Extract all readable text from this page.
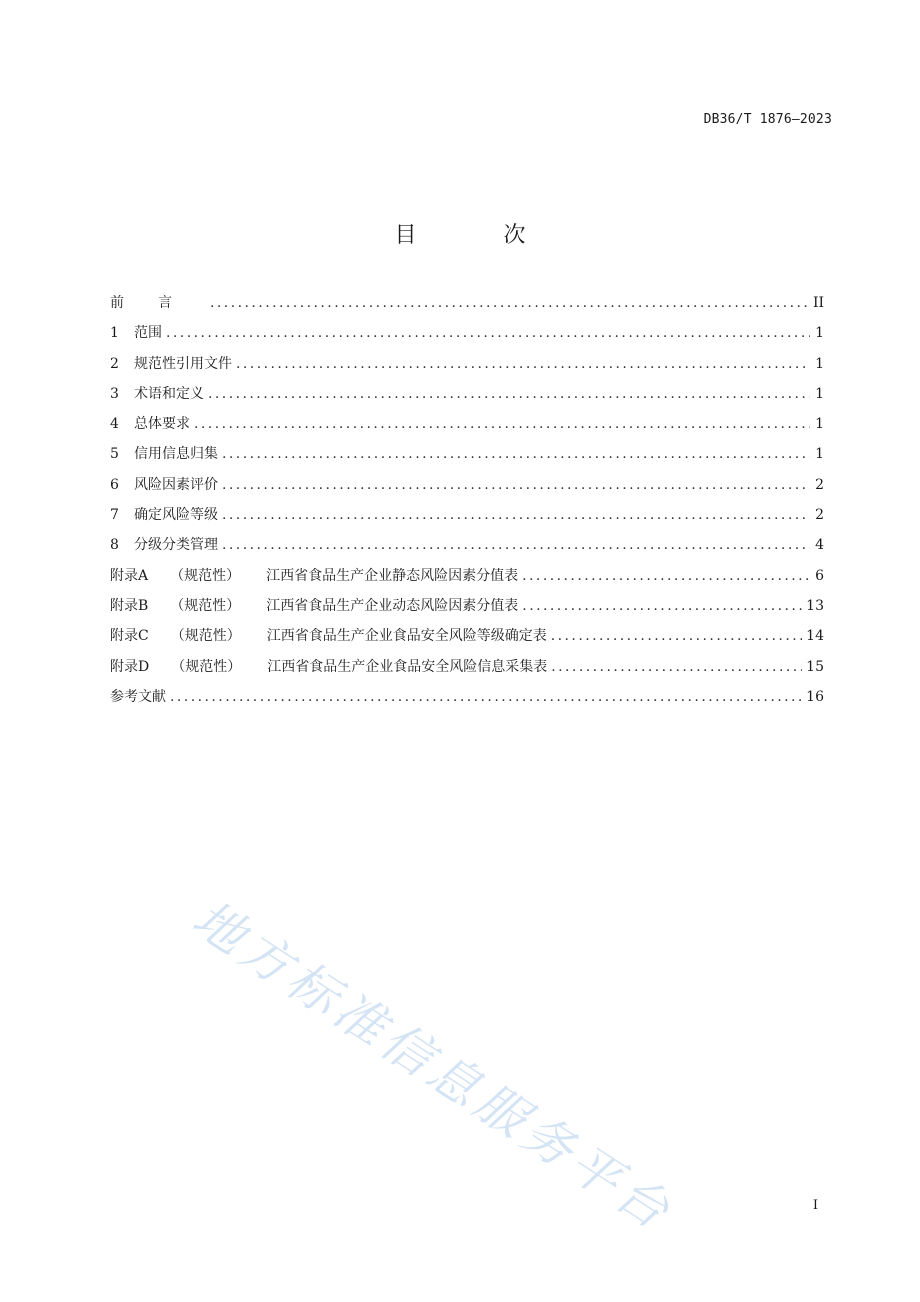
DB36/T 1876—2023
目 次
前言 . . .	II
1	范围 . . .	1
2	规范性引用文件 . . .	1
3	术语和定义 . . .	1
4	总体要求 . . .	1
5	信用信息归集 . . .	1
6	风险因素评价 . . .	2
7	确定风险等级 . . .	2
8	分级分类管理 . . .	4
附录A （规范性） 江西省食品生产企业静态风险因素分值表 . . .	6
附录B （规范性） 江西省食品生产企业动态风险因素分值表 . . .	13
附录C （规范性） 江西省食品生产企业食品安全风险等级确定表 . . .	14
附录D （规范性） 江西省食品生产企业食品安全风险信息采集表 . . .	15
参考文献 . . .	16
地方标准信息服务平台	I
